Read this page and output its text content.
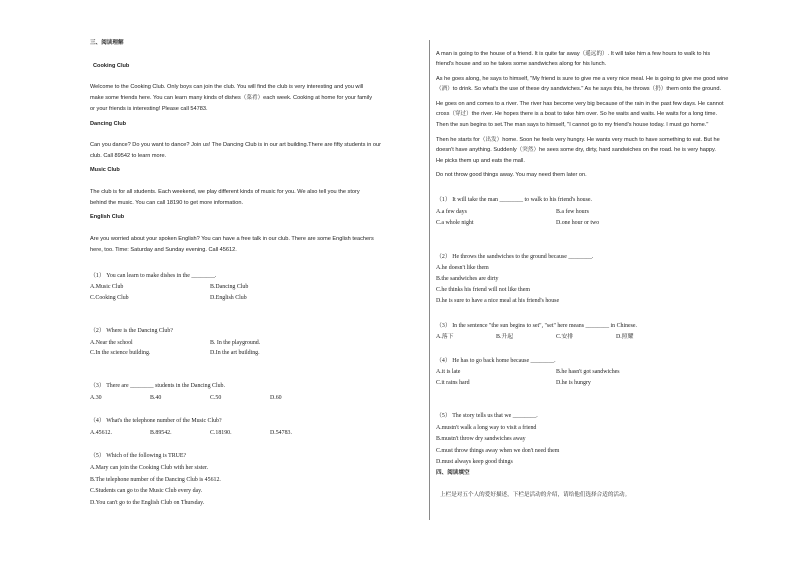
三、阅读理解
Cooking Club
Welcome to the Cooking Club. Only boys can join the club. You will find the club is very interesting and you will
make some friends here. You can learn many kinds of dishes（菜肴）each week. Cooking at home for your family
or your friends is interesting! Please call 54783.
Dancing Club
Can you dance? Do you want to dance? Join us! The Dancing Club is in our art building.There are fifty students in our
club. Call 89542 to learn more.
Music Club
The club is for all students. Each weekend, we play different kinds of music for you. We also tell you the story
behind the music. You can call 18190 to get more information.
English Club
Are you worried about your spoken English? You can have a free talk in our club. There are some English teachers
here, too. Time: Saturday and Sunday evening. Call 45612.
（1） You can learn to make dishes in the ________.
A.Music Club	B.Dancing Club
C.Cooking Club	D.English Club
（2） Where is the Dancing Club?
A.Near the school	B. In the playground.
C.In the science building.	D.In the art building.
（3） There are ________ students in the Dancing Club.
A.30	B.40	C.50	D.60
（4） What's the telephone number of the Music Club?
A.45612.	B.89542.	C.18190.	D.54783.
（5） Which of the following is TRUE?
A.Mary can join the Cooking Club with her sister.
B.The telephone number of the Dancing Club is 45612.
C.Students can go to the Music Club every day.
D.You can't go to the English Club on Thursday.
A man is going to the house of a friend. It is quite far away（遥远的）. It will take him a few hours to walk to his
friend's house and so he takes some sandwiches along for his lunch.
As he goes along, he says to himself, "My friend is sure to give me a very nice meal. He is going to give me good wine
（酒）to drink. So what's the use of these dry sandwiches." As he says this, he throws（扔）them onto the ground.
He goes on and comes to a river. The river has become very big because of the rain in the past few days. He cannot
cross（穿过）the river. He hopes there is a boat to take him over. So he waits and waits. He waits for a long time.
Then the sun begins to set.The man says to himself, "I cannot go to my friend's house today. I must go home."
Then he starts for（出发）home. Soon he feels very hungry. He wants very much to have something to eat. But he
doesn't have anything. Suddenly（突然）he sees some dry, dirty, hard sandwiches on the road. he is very happy.
He picks them up and eats the mall.
Do not throw good things away. You may need them later on.
（1） It will take the man ________ to walk to his friend's house.
A.a few days	B.a few hours
C.a whole night	D.one hour or two
（2） He throws the sandwiches to the ground because ________.
A.he doesn't like them
B.the sandwiches are dirty
C.he thinks his friend will not like them
D.he is sure to have a nice meal at his friend's house
（3） In the sentence "the sun begins to set", "set" here means ________ in Chinese.
A.落下	B.升起	C.安排	D.照耀
（4） He has to go back home because ________.
A.it is late	B.he hasn't got sandwiches
C.it rains hard	D.he is hungry
（5） The story tells us that we ________.
A.mustn't walk a long way to visit a friend
B.mustn't throw dry sandwiches away
C.must throw things away when we don't need them
D.must always keep good things
四、阅读填空
上栏是对五个人的爱好描述，下栏是活动的介绍，请给他们选择合适的活动。
